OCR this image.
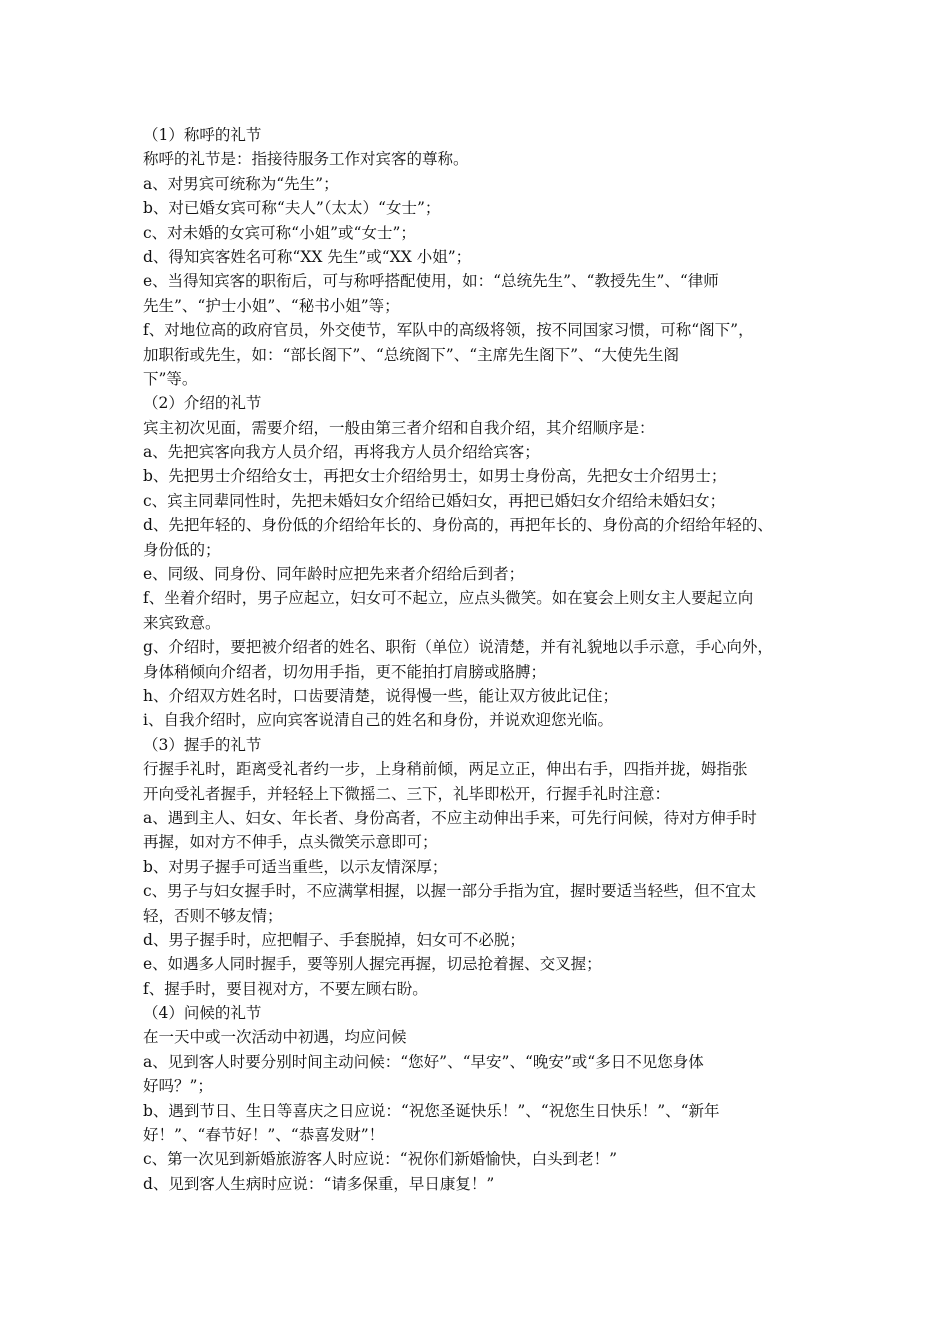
（1）称呼的礼节
称呼的礼节是：指接待服务工作对宾客的尊称。
a、对男宾可统称为“先生”；
b、对已婚女宾可称“夫人”（太太）“女士”；
c、对未婚的女宾可称“小姐”或“女士”；
d、得知宾客姓名可称“XX 先生”或“XX 小姐”；
e、当得知宾客的职衔后，可与称呼搭配使用，如：“总统先生”、“教授先生”、“律师
先生”、“护士小姐”、“秘书小姐”等；
f、对地位高的政府官员，外交使节，军队中的高级将领，按不同国家习惯，可称“阁下”，
加职衔或先生，如：“部长阁下”、“总统阁下”、“主席先生阁下”、“大使先生阁
下”等。
（2）介绍的礼节
宾主初次见面，需要介绍，一般由第三者介绍和自我介绍，其介绍顺序是：
a、先把宾客向我方人员介绍，再将我方人员介绍给宾客；
b、先把男士介绍给女士，再把女士介绍给男士，如男士身份高，先把女士介绍男士；
c、宾主同辈同性时，先把未婚妇女介绍给已婚妇女，再把已婚妇女介绍给未婚妇女；
d、先把年轻的、身份低的介绍给年长的、身份高的，再把年长的、身份高的介绍给年轻的、
身份低的；
e、同级、同身份、同年龄时应把先来者介绍给后到者；
f、坐着介绍时，男子应起立，妇女可不起立，应点头微笑。如在宴会上则女主人要起立向
来宾致意。
g、介绍时，要把被介绍者的姓名、职衔（单位）说清楚，并有礼貌地以手示意，手心向外，
身体稍倾向介绍者，切勿用手指，更不能拍打肩膀或胳膊；
h、介绍双方姓名时，口齿要清楚，说得慢一些，能让双方彼此记住；
i、自我介绍时，应向宾客说清自己的姓名和身份，并说欢迎您光临。
（3）握手的礼节
行握手礼时，距离受礼者约一步，上身稍前倾，两足立正，伸出右手，四指并拢，姆指张
开向受礼者握手，并轻轻上下微摇二、三下，礼毕即松开，行握手礼时注意：
a、遇到主人、妇女、年长者、身份高者，不应主动伸出手来，可先行问候，待对方伸手时
再握，如对方不伸手，点头微笑示意即可；
b、对男子握手可适当重些，以示友情深厚；
c、男子与妇女握手时，不应满掌相握，以握一部分手指为宜，握时要适当轻些，但不宜太
轻，否则不够友情；
d、男子握手时，应把帽子、手套脱掉，妇女可不必脱；
e、如遇多人同时握手，要等别人握完再握，切忌抢着握、交叉握；
f、握手时，要目视对方，不要左顾右盼。
（4）问候的礼节
在一天中或一次活动中初遇，均应问候
a、见到客人时要分别时间主动问候：“您好”、“早安”、“晚安”或“多日不见您身体
好吗？”；
b、遇到节日、生日等喜庆之日应说：“祝您圣诞快乐！”、“祝您生日快乐！”、“新年
好！”、“春节好！”、“恭喜发财”！
c、第一次见到新婚旅游客人时应说：“祝你们新婚愉快，白头到老！”
d、见到客人生病时应说：“请多保重，早日康复！”
